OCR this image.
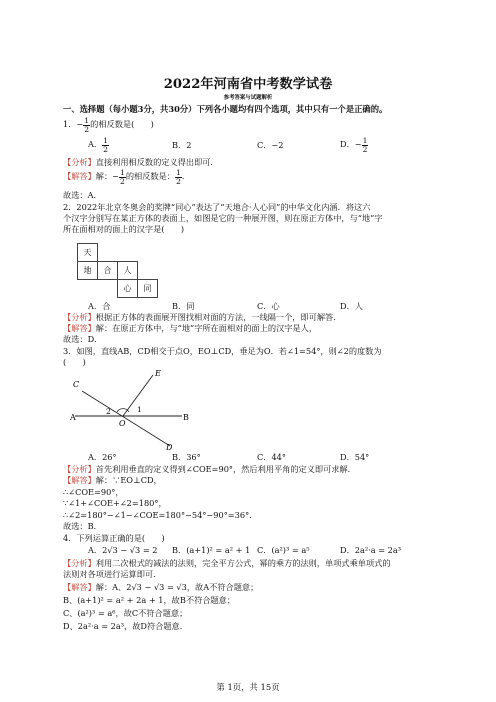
2022年河南省中考数学试卷
参考答案与试题解析
一、选择题（每小题3分，共30分）下列各小题均有四个选项，其中只有一个是正确的。
1．− $\frac{1}{2}$ 的相反数是(　　)
A． $\frac{1}{2}$	B．2	C．−2	D．− $\frac{1}{2}$
【分析】直接利用相反数的定义得出即可．
【解答】解：− $\frac{1}{2}$ 的相反数是： $\frac{1}{2}$ ．
故选：A．
2．2022年北京冬奥会的奖牌“同心”表达了“天地合·人心同”的中华文化内涵．将这六
个汉字分别写在某正方体的表面上，如图是它的一种展开图，则在原正方体中，与“地”字
所在面相对的面上的汉字是(　　)
天
地	合	人
心	同
A．合	B．同	C．心	D．人
【分析】根据正方体的表面展开图找相对面的方法，一线隔一个，即可解答．
【解答】解：在原正方体中，与“地”字所在面相对的面上的汉字是人，
故选：D．
3．如图，直线AB，CD相交于点O，EO⊥CD，垂足为O．若∠1=54°，则∠2的度数为
(　　)
C
E
A
2	1
O
B
D
A．26°	B．36°	C．44°	D．54°
【分析】首先利用垂直的定义得到∠COE=90°，然后利用平角的定义即可求解．
【解答】解：∵EO⊥CD，
∴∠COE=90°，
∵∠1+∠COE+∠2=180°，
∴∠2=180°−∠1−∠COE=180°−54°−90°=36°．
故选：B．
4．下列运算正确的是(　　)
A．2√3 − √3 = 2 B．(a+1)² = a² + 1 C．(a²)³ = a⁵	D．2a²·a = 2a³
【分析】利用二次根式的减法的法则，完全平方公式，幂的乘方的法则，单项式乘单项式的
法则对各项进行运算即可．
【解答】解：A、2√3 − √3 = √3，故A不符合题意；
B、(a+1)² = a² + 2a + 1，故B不符合题意；
C、(a²)³ = a⁶，故C不符合题意；
D、2a²·a = 2a³，故D符合题意．
第 1页，共 15页
